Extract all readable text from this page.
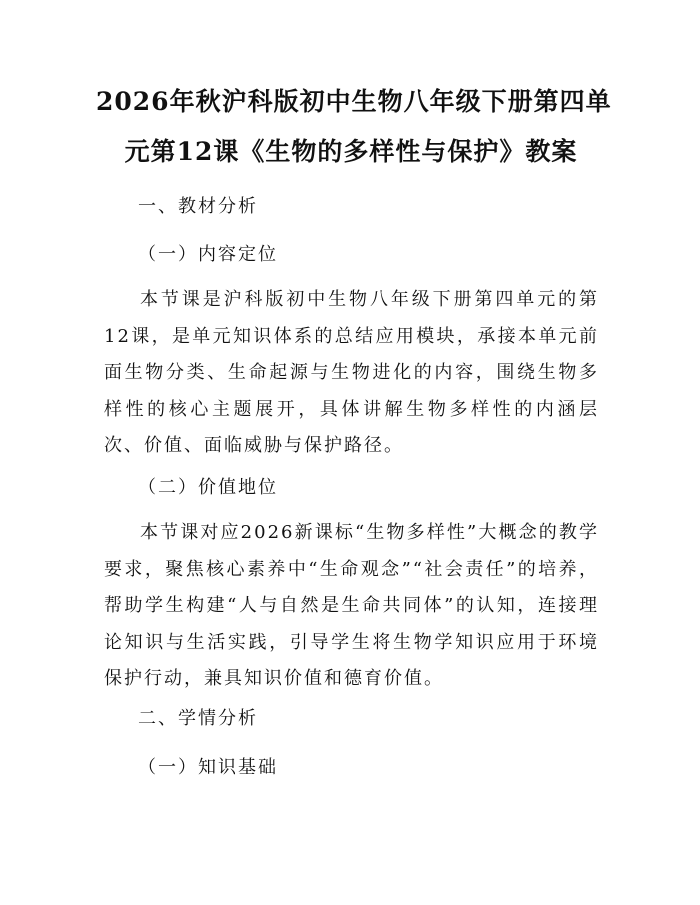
2026年秋沪科版初中生物八年级下册第四单
元第12课《生物的多样性与保护》教案
一、教材分析
（一）内容定位
本节课是沪科版初中生物八年级下册第四单元的第12课，是单元知识体系的总结应用模块，承接本单元前面生物分类、生命起源与生物进化的内容，围绕生物多样性的核心主题展开，具体讲解生物多样性的内涵层次、价值、面临威胁与保护路径。
（二）价值地位
本节课对应2026新课标“生物多样性”大概念的教学要求，聚焦核心素养中“生命观念”“社会责任”的培养，帮助学生构建“人与自然是生命共同体”的认知，连接理论知识与生活实践，引导学生将生物学知识应用于环境保护行动，兼具知识价值和德育价值。
二、学情分析
（一）知识基础
